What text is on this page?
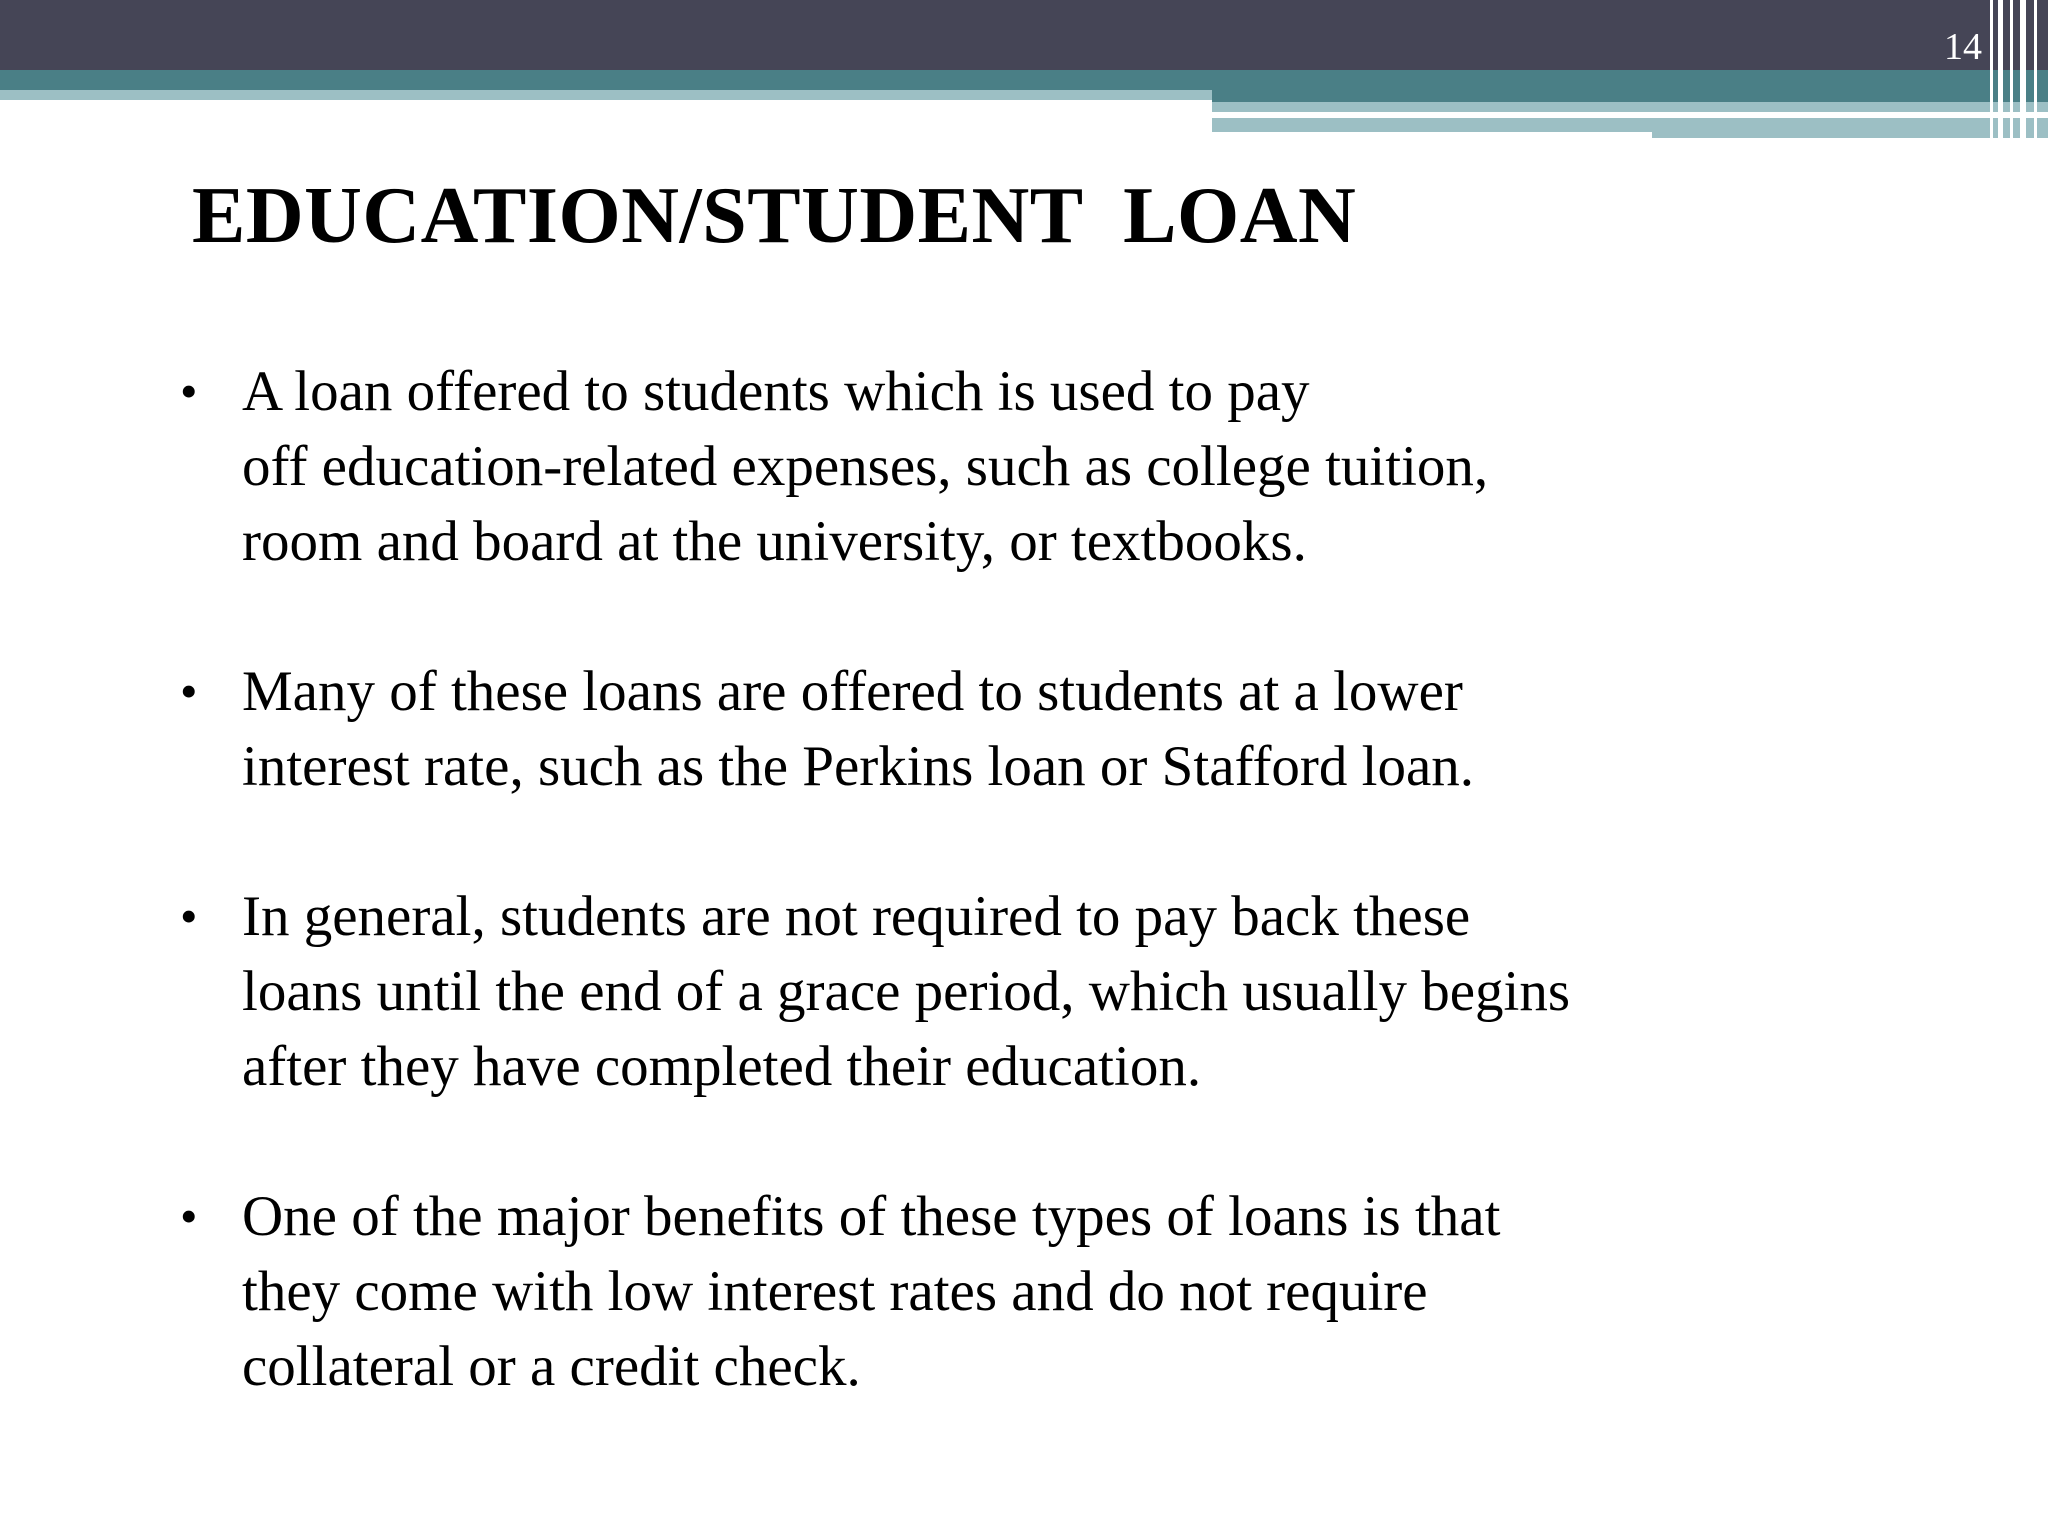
14
EDUCATION/STUDENT  LOAN
• A loan offered to students which is used to pay
off education-related expenses, such as college tuition,
room and board at the university, or textbooks.
• Many of these loans are offered to students at a lower
interest rate, such as the Perkins loan or Stafford loan.
• In general, students are not required to pay back these
loans until the end of a grace period, which usually begins
after they have completed their education.
• One of the major benefits of these types of loans is that
they come with low interest rates and do not require
collateral or a credit check.
